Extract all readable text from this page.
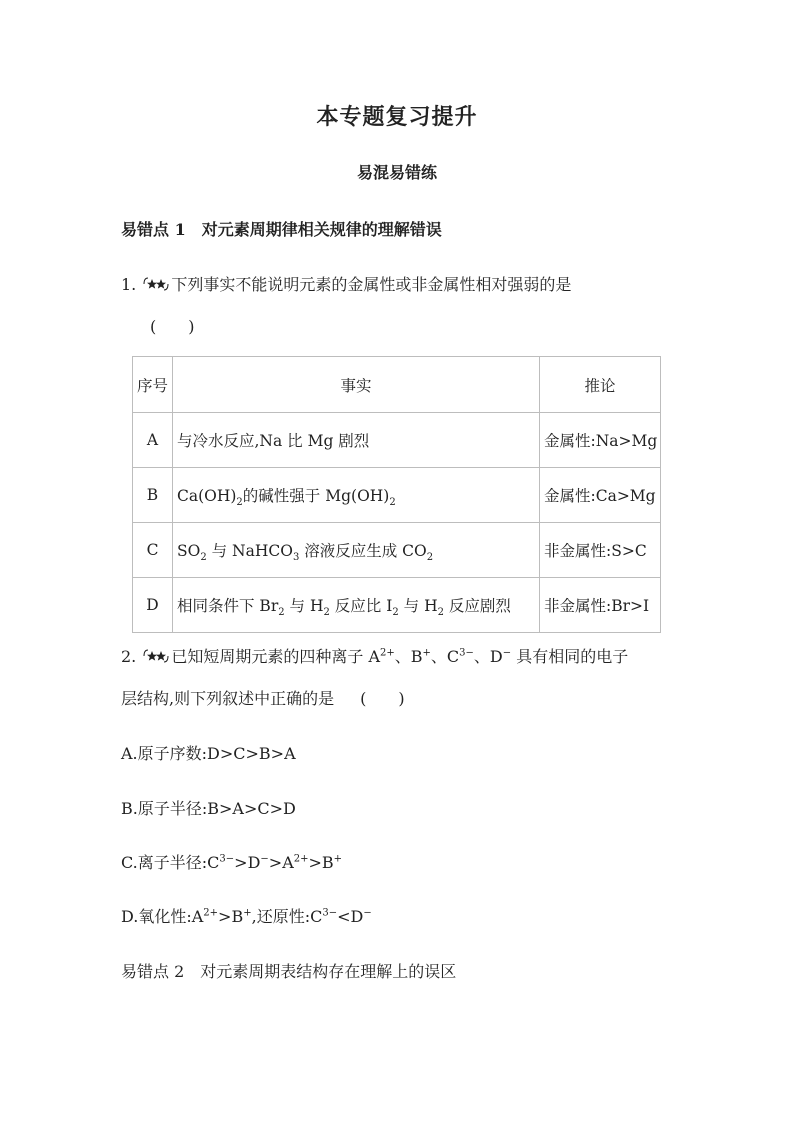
本专题复习提升
易混易错练
易错点 1　对元素周期律相关规律的理解错误
1. 下列事实不能说明元素的金属性或非金属性相对强弱的是
(　　)
序号	事实	推论
A	与冷水反应,Na 比 Mg 剧烈	金属性:Na>Mg
B	$Ca(OH)_2$的碱性强于 $Mg(OH)_2$	金属性:Ca>Mg
C	$SO_2$ 与 NaHCO$_3$ 溶液反应生成 $CO_2$	非金属性:S>C
D	相同条件下 $Br_2$ 与 $H_2$ 反应比 $I_2$ 与 $H_2$ 反应剧烈	非金属性:Br>I
2. 已知短周期元素的四种离子 $A^{2+}$、B+、$C^{3-}$、D− 具有相同的电子
层结构,则下列叙述中正确的是 (　　)
A.原子序数:D>C>B>A
B.原子半径:B>A>C>D
C.离子半径$:C^{3-}>D^->A^{2+}>B^+$
D.氧化性$:A^{2+}>B^+$,还原性$:C^{3-}<D^-$
易错点 2　对元素周期表结构存在理解上的误区
